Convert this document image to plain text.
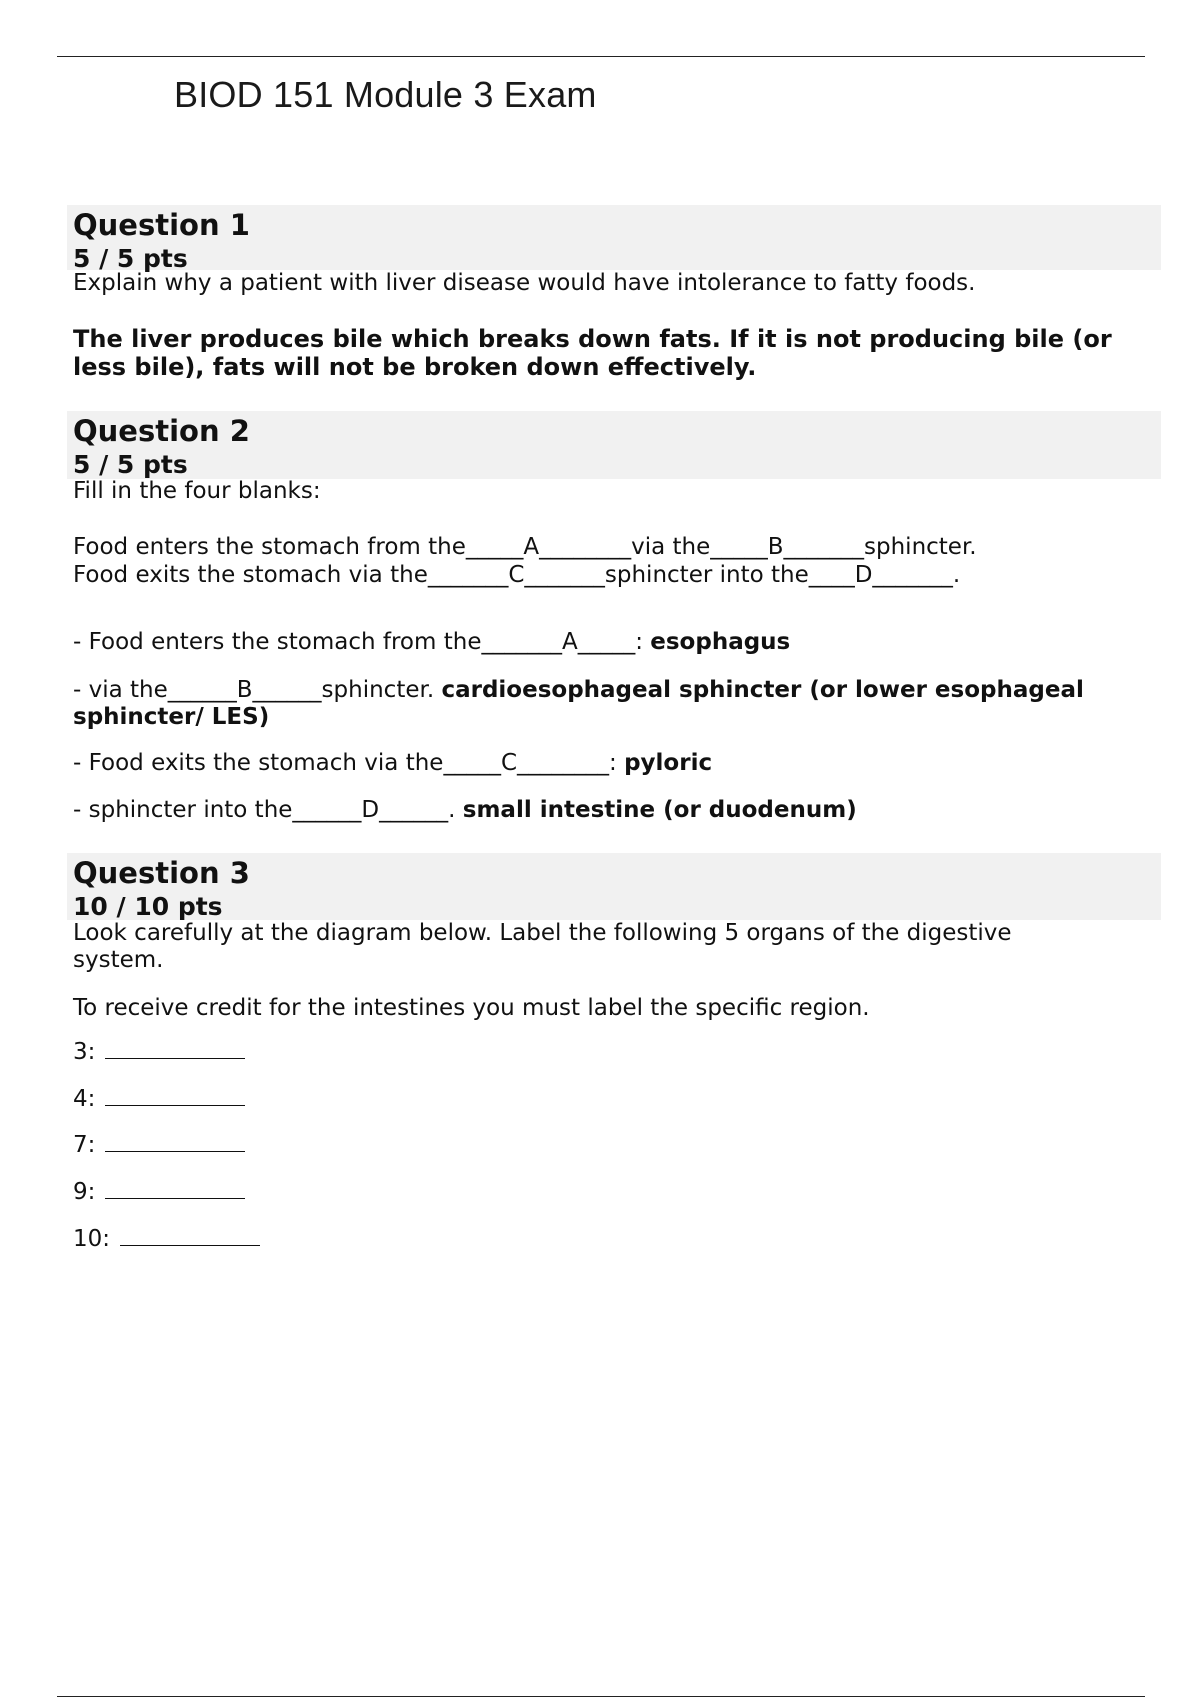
BIOD 151 Module 3 Exam
Question 1
5 / 5 pts
Explain why a patient with liver disease would have intolerance to fatty foods.
The liver produces bile which breaks down fats. If it is not producing bile (or
less bile), fats will not be broken down effectively.
Question 2
5 / 5 pts
Fill in the four blanks:
Food enters the stomach from the_____A________via the_____B_______sphincter.
Food exits the stomach via the_______C_______sphincter into the____D_______.
- Food enters the stomach from the_______A_____: esophagus
- via the______B______sphincter. cardioesophageal sphincter (or lower esophageal
sphincter/ LES)
- Food exits the stomach via the_____C________: pyloric
- sphincter into the______D______. small intestine (or duodenum)
Question 3
10 / 10 pts
Look carefully at the diagram below. Label the following 5 organs of the digestive
system.
To receive credit for the intestines you must label the specific region.
3:
4:
7:
9:
10:
